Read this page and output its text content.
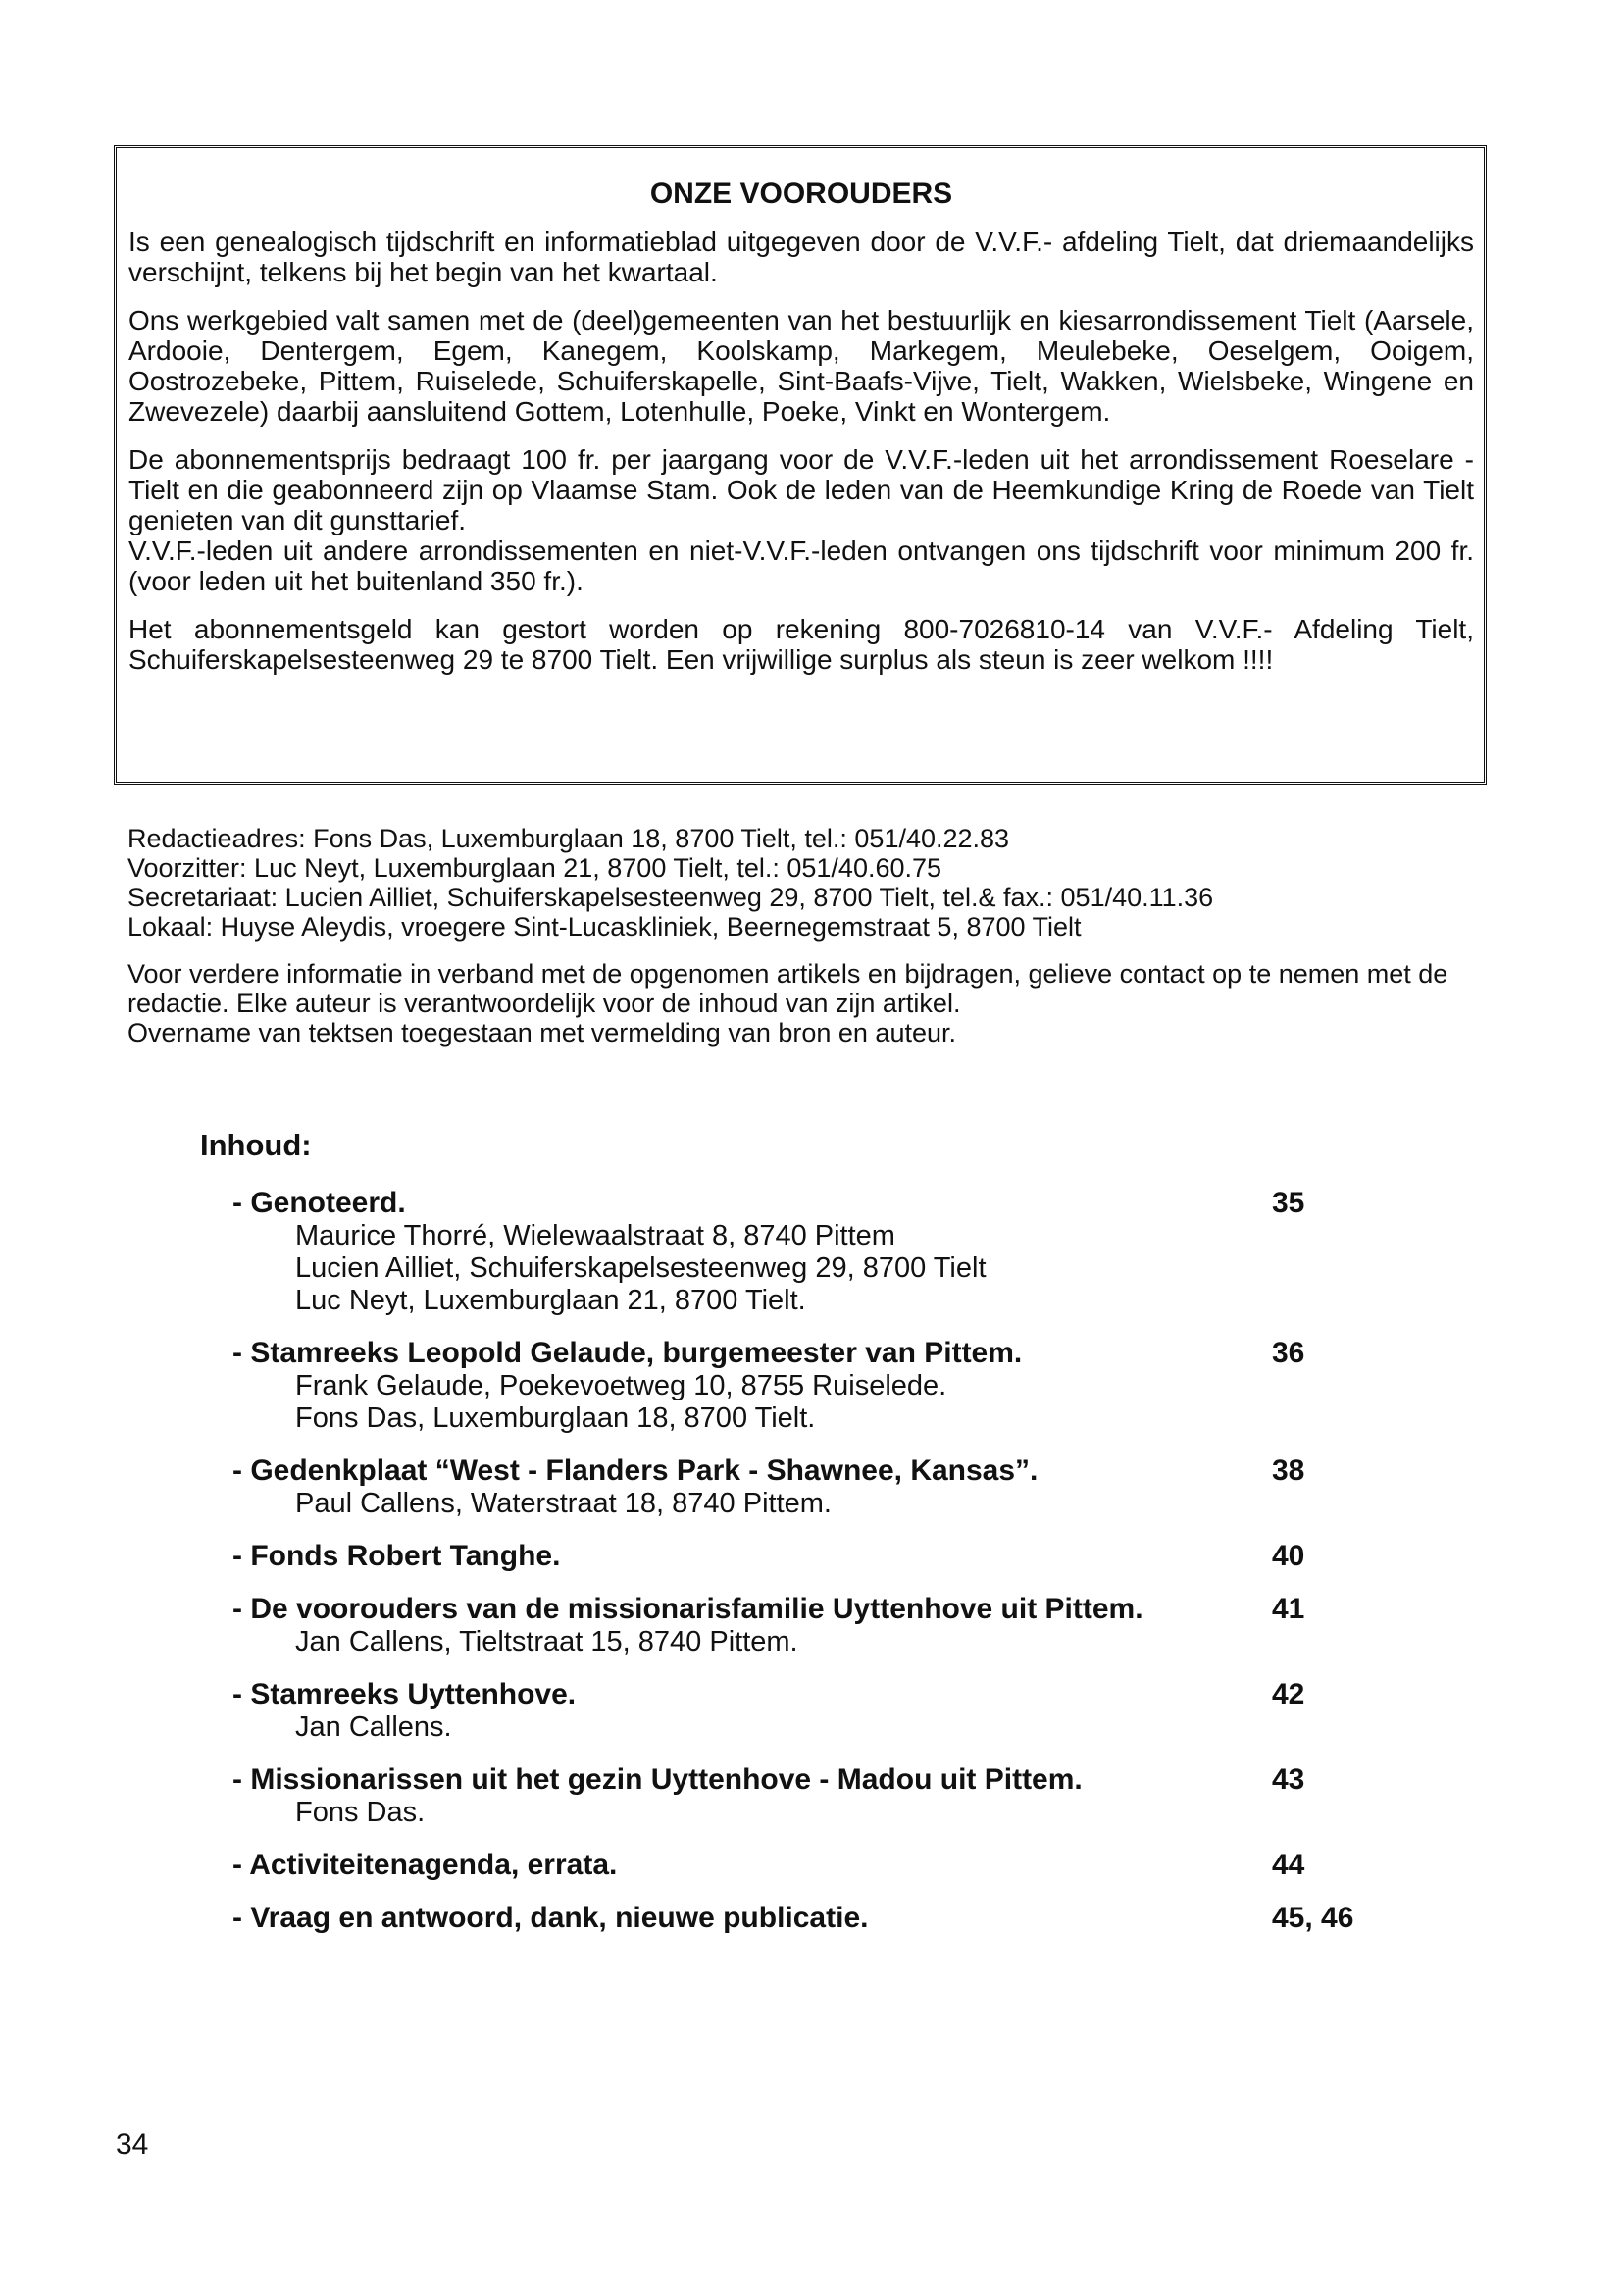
ONZE VOOROUDERS

Is een genealogisch tijdschrift en informatieblad uitgegeven door de V.V.F.- afdeling Tielt, dat driemaandelijks verschijnt, telkens bij het begin van het kwartaal.

Ons werkgebied valt samen met de (deel)gemeenten van het bestuurlijk en kiesarrondissement Tielt (Aarsele, Ardooie, Dentergem, Egem, Kanegem, Koolskamp, Markegem, Meulebeke, Oeselgem, Ooigem, Oostrozebeke, Pittem, Ruiselede, Schuiferskapelle, Sint-Baafs-Vijve, Tielt, Wakken, Wielsbeke, Wingene en Zwevezele) daarbij aansluitend Gottem, Lotenhulle, Poeke, Vinkt en Wontergem.

De abonnementsprijs bedraagt 100 fr. per jaargang voor de V.V.F.-leden uit het arrondissement Roeselare -Tielt en die geabonneerd zijn op Vlaamse Stam. Ook de leden van de Heemkundige Kring de Roede van Tielt genieten van dit gunsttarief.

V.V.F.-leden uit andere arrondissementen en niet-V.V.F.-leden ontvangen ons tijdschrift voor minimum 200 fr. (voor leden uit het buitenland 350 fr.).

Het abonnementsgeld kan gestort worden op rekening 800-7026810-14 van V.V.F.- Afdeling Tielt, Schuiferskapelsesteenweg 29 te 8700 Tielt. Een vrijwillige surplus als steun is zeer welkom !!!!

Redactieadres: Fons Das, Luxemburglaan 18, 8700 Tielt, tel.: 051/40.22.83
Voorzitter: Luc Neyt, Luxemburglaan 21, 8700 Tielt, tel.: 051/40.60.75
Secretariaat: Lucien Ailliet, Schuiferskapelsesteenweg 29, 8700 Tielt, tel.& fax.: 051/40.11.36
Lokaal: Huyse Aleydis, vroegere Sint-Lucaskliniek, Beernegemstraat 5, 8700 Tielt

Voor verdere informatie in verband met de opgenomen artikels en bijdragen, gelieve contact op te nemen met de redactie. Elke auteur is verantwoordelijk voor de inhoud van zijn artikel.
Overname van tektsen toegestaan met vermelding van bron en auteur.

Inhoud:
- Genoteerd.	35
Maurice Thorré, Wielewaalstraat 8, 8740 Pittem
Lucien Ailliet, Schuiferskapelsesteenweg 29, 8700 Tielt
Luc Neyt, Luxemburglaan 21, 8700 Tielt.
- Stamreeks Leopold Gelaude, burgemeester van Pittem.	36
Frank Gelaude, Poekevoetweg 10, 8755 Ruiselede.
Fons Das, Luxemburglaan 18, 8700 Tielt.
- Gedenkplaat “West - Flanders Park - Shawnee, Kansas”.	38
Paul Callens, Waterstraat 18, 8740 Pittem.
- Fonds Robert Tanghe.	40
- De voorouders van de missionarisfamilie Uyttenhove uit Pittem.	41
Jan Callens, Tieltstraat 15, 8740 Pittem.
- Stamreeks Uyttenhove.	42
Jan Callens.
- Missionarissen uit het gezin Uyttenhove - Madou uit Pittem.	43
Fons Das.
- Activiteitenagenda, errata.	44
- Vraag en antwoord, dank, nieuwe publicatie.	45, 46
34
